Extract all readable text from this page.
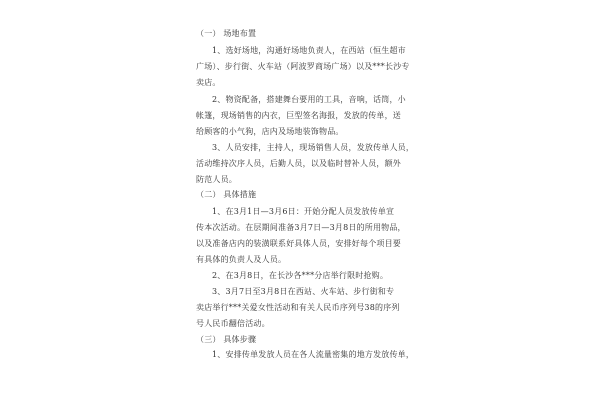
（一） 场地布置
1、选好场地，沟通好场地负责人，在西站（恒生超市
广场）、步行街、火车站（阿波罗商场广场）以及***长沙专
卖店。
2、物资配备，搭建舞台要用的工具，音响，话筒，小
帐篷，现场销售的内衣，巨型签名海报，发放的传单，送
给顾客的小气狗，店内及场地装饰物品。
3、人员安排，主持人，现场销售人员，发放传单人员，
活动维持次序人员，后勤人员，以及临时替补人员，额外
防范人员。
（二） 具体措施
1、在3月1日—3月6日：开始分配人员发放传单宣
传本次活动。在层期间准备3月7日—3月8日的所用物品，
以及准备店内的装潢联系好具体人员，安排好每个项目要
有具体的负责人及人员。
2、在3月8日，在长沙各***分店举行限时抢购。
3、3月7日至3月8日在西站、火车站、步行街和专
卖店举行***关爱女性活动和有关人民币序列号38的序列
号人民币翻倍活动。
（三） 具体步骤
1、安排传单发放人员在各人流量密集的地方发放传单，
